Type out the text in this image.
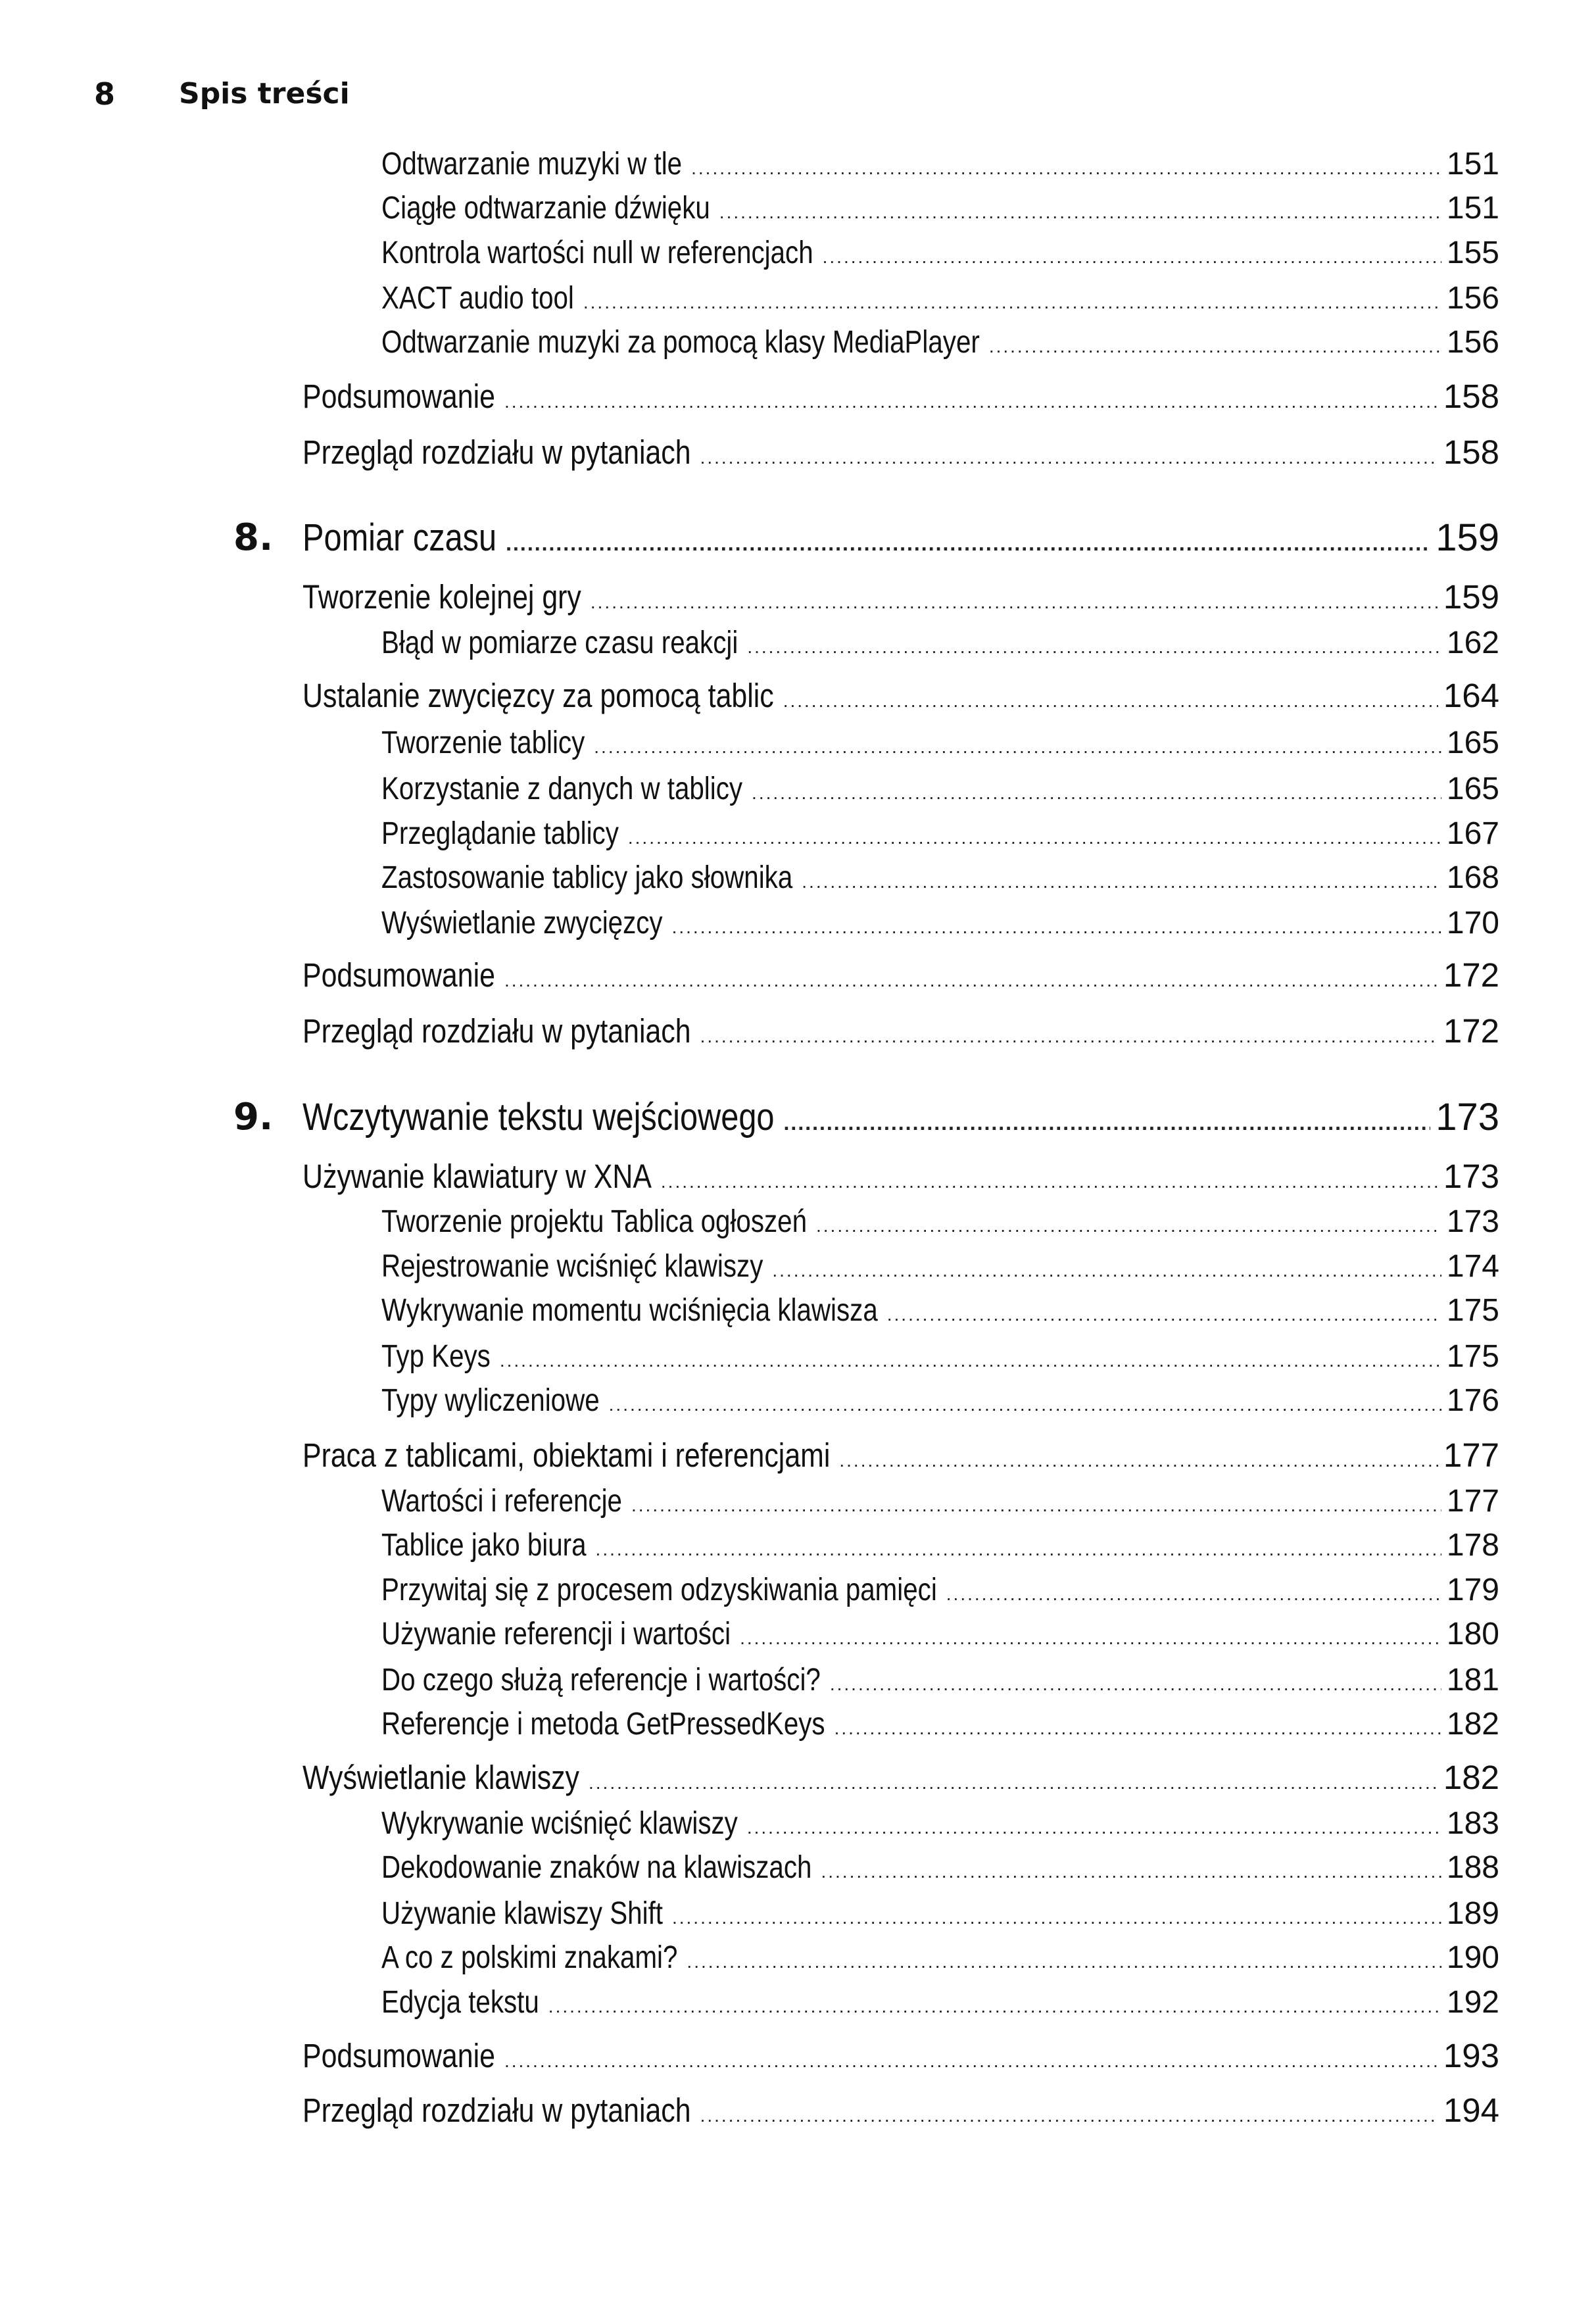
8 Spis treści
Odtwarzanie muzyki w tle .....	151
Ciągłe odtwarzanie dźwięku .....	151
Kontrola wartości null w referencjach .....	155
XACT audio tool .....	156
Odtwarzanie muzyki za pomocą klasy MediaPlayer .....	156
Podsumowanie .....	158
Przegląd rozdziału w pytaniach .....	158
8. Pomiar czasu .....	159
Tworzenie kolejnej gry .....	159
Błąd w pomiarze czasu reakcji .....	162
Ustalanie zwycięzcy za pomocą tablic .....	164
Tworzenie tablicy .....	165
Korzystanie z danych w tablicy .....	165
Przeglądanie tablicy .....	167
Zastosowanie tablicy jako słownika .....	168
Wyświetlanie zwycięzcy .....	170
Podsumowanie .....	172
Przegląd rozdziału w pytaniach .....	172
9. Wczytywanie tekstu wejściowego .....	173
Używanie klawiatury w XNA .....	173
Tworzenie projektu Tablica ogłoszeń .....	173
Rejestrowanie wciśnięć klawiszy .....	174
Wykrywanie momentu wciśnięcia klawisza .....	175
Typ Keys .....	175
Typy wyliczeniowe .....	176
Praca z tablicami, obiektami i referencjami .....	177
Wartości i referencje .....	177
Tablice jako biura .....	178
Przywitaj się z procesem odzyskiwania pamięci .....	179
Używanie referencji i wartości .....	180
Do czego służą referencje i wartości? .....	181
Referencje i metoda GetPressedKeys .....	182
Wyświetlanie klawiszy .....	182
Wykrywanie wciśnięć klawiszy .....	183
Dekodowanie znaków na klawiszach .....	188
Używanie klawiszy Shift .....	189
A co z polskimi znakami? .....	190
Edycja tekstu .....	192
Podsumowanie .....	193
Przegląd rozdziału w pytaniach .....	194
